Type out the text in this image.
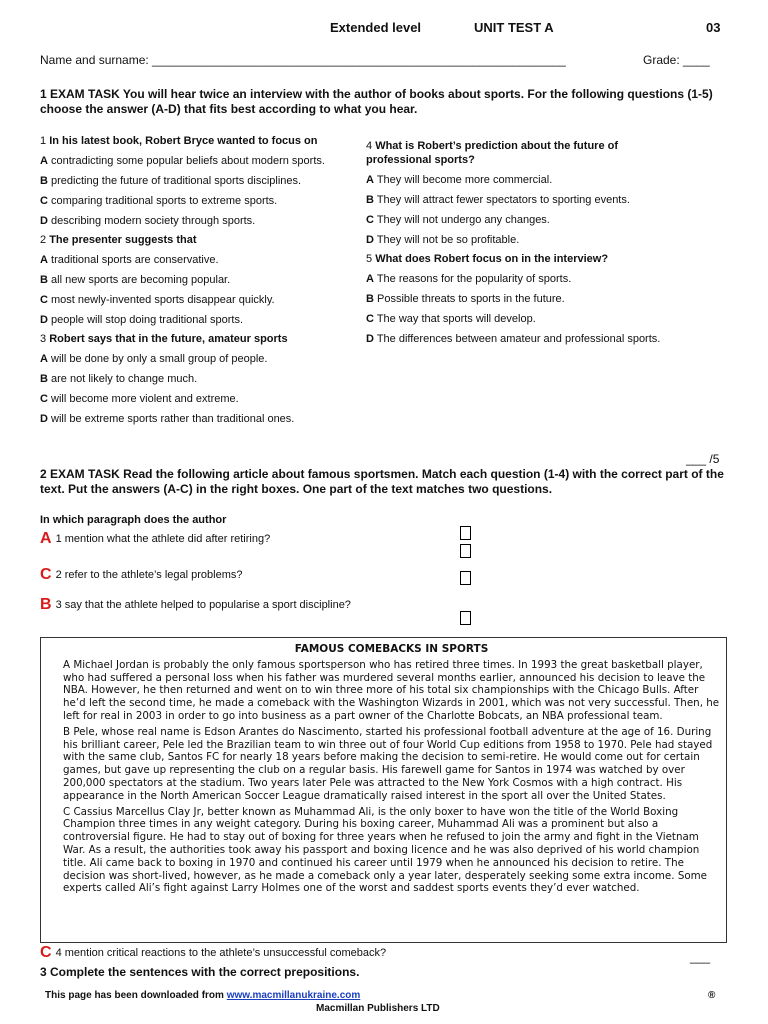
Extended level	UNIT TEST A	03
Name and surname: ______________________________________________________________	Grade: ____
1 EXAM TASK You will hear twice an interview with the author of books about sports. For the following questions (1-5) choose the answer (A-D) that fits best according to what you hear.

1 In his latest book, Robert Bryce wanted to focus on

A contradicting some popular beliefs about modern sports.

B predicting the future of traditional sports disciplines.

C comparing traditional sports to extreme sports.

D describing modern society through sports.

2 The presenter suggests that

A traditional sports are conservative.

B all new sports are becoming popular.

C most newly-invented sports disappear quickly.

D people will stop doing traditional sports.

3 Robert says that in the future, amateur sports

A will be done by only a small group of people.

B are not likely to change much.

C will become more violent and extreme.

D will be extreme sports rather than traditional ones.

4 What is Robert’s prediction about the future of professional sports?

A They will become more commercial.

B They will attract fewer spectators to sporting events.

C They will not undergo any changes.

D They will not be so profitable.

5 What does Robert focus on in the interview?

A The reasons for the popularity of sports.

B Possible threats to sports in the future.

C The way that sports will develop.

D The differences between amateur and professional sports.

___ /5
2 EXAM TASK Read the following article about famous sportsmen. Match each question (1-4) with the correct part of the text. Put the answers (A-C) in the right boxes. One part of the text matches two questions.
In which paragraph does the author
A 1 mention what the athlete did after retiring?
C 2 refer to the athlete’s legal problems?
B 3 say that the athlete helped to popularise a sport discipline?
FAMOUS COMEBACKS IN SPORTS

A Michael Jordan is probably the only famous sportsperson who has retired three times. In 1993 the great basketball player, who had suffered a personal loss when his father was murdered several months earlier, announced his decision to leave the NBA. However, he then returned and went on to win three more of his total six championships with the Chicago Bulls. After he’d left the second time, he made a comeback with the Washington Wizards in 2001, which was not very successful. Then, he left for real in 2003 in order to go into business as a part owner of the Charlotte Bobcats, an NBA professional team.

B Pele, whose real name is Edson Arantes do Nascimento, started his professional football adventure at the age of 16. During his brilliant career, Pele led the Brazilian team to win three out of four World Cup editions from 1958 to 1970. Pele had stayed with the same club, Santos FC for nearly 18 years before making the decision to semi-retire. He would come out for certain games, but gave up representing the club on a regular basis. His farewell game for Santos in 1974 was watched by over 200,000 spectators at the stadium. Two years later Pele was attracted to the New York Cosmos with a high contract. His appearance in the North American Soccer League dramatically raised interest in the sport all over the United States.

C Cassius Marcellus Clay Jr, better known as Muhammad Ali, is the only boxer to have won the title of the World Boxing Champion three times in any weight category. During his boxing career, Muhammad Ali was a prominent but also a controversial figure. He had to stay out of boxing for three years when he refused to join the army and fight in the Vietnam War. As a result, the authorities took away his passport and boxing licence and he was also deprived of his world champion title. Ali came back to boxing in 1970 and continued his career until 1979 when he announced his decision to retire. The decision was short-lived, however, as he made a comeback only a year later, desperately seeking some extra income. Some experts called Ali’s fight against Larry Holmes one of the worst and saddest sports events they’d ever watched.

C 4 mention critical reactions to the athlete’s unsuccessful comeback?	___
3 Complete the sentences with the correct prepositions.
This page has been downloaded from www.macmillanukraine.com
Macmillan Publishers LTD
®
